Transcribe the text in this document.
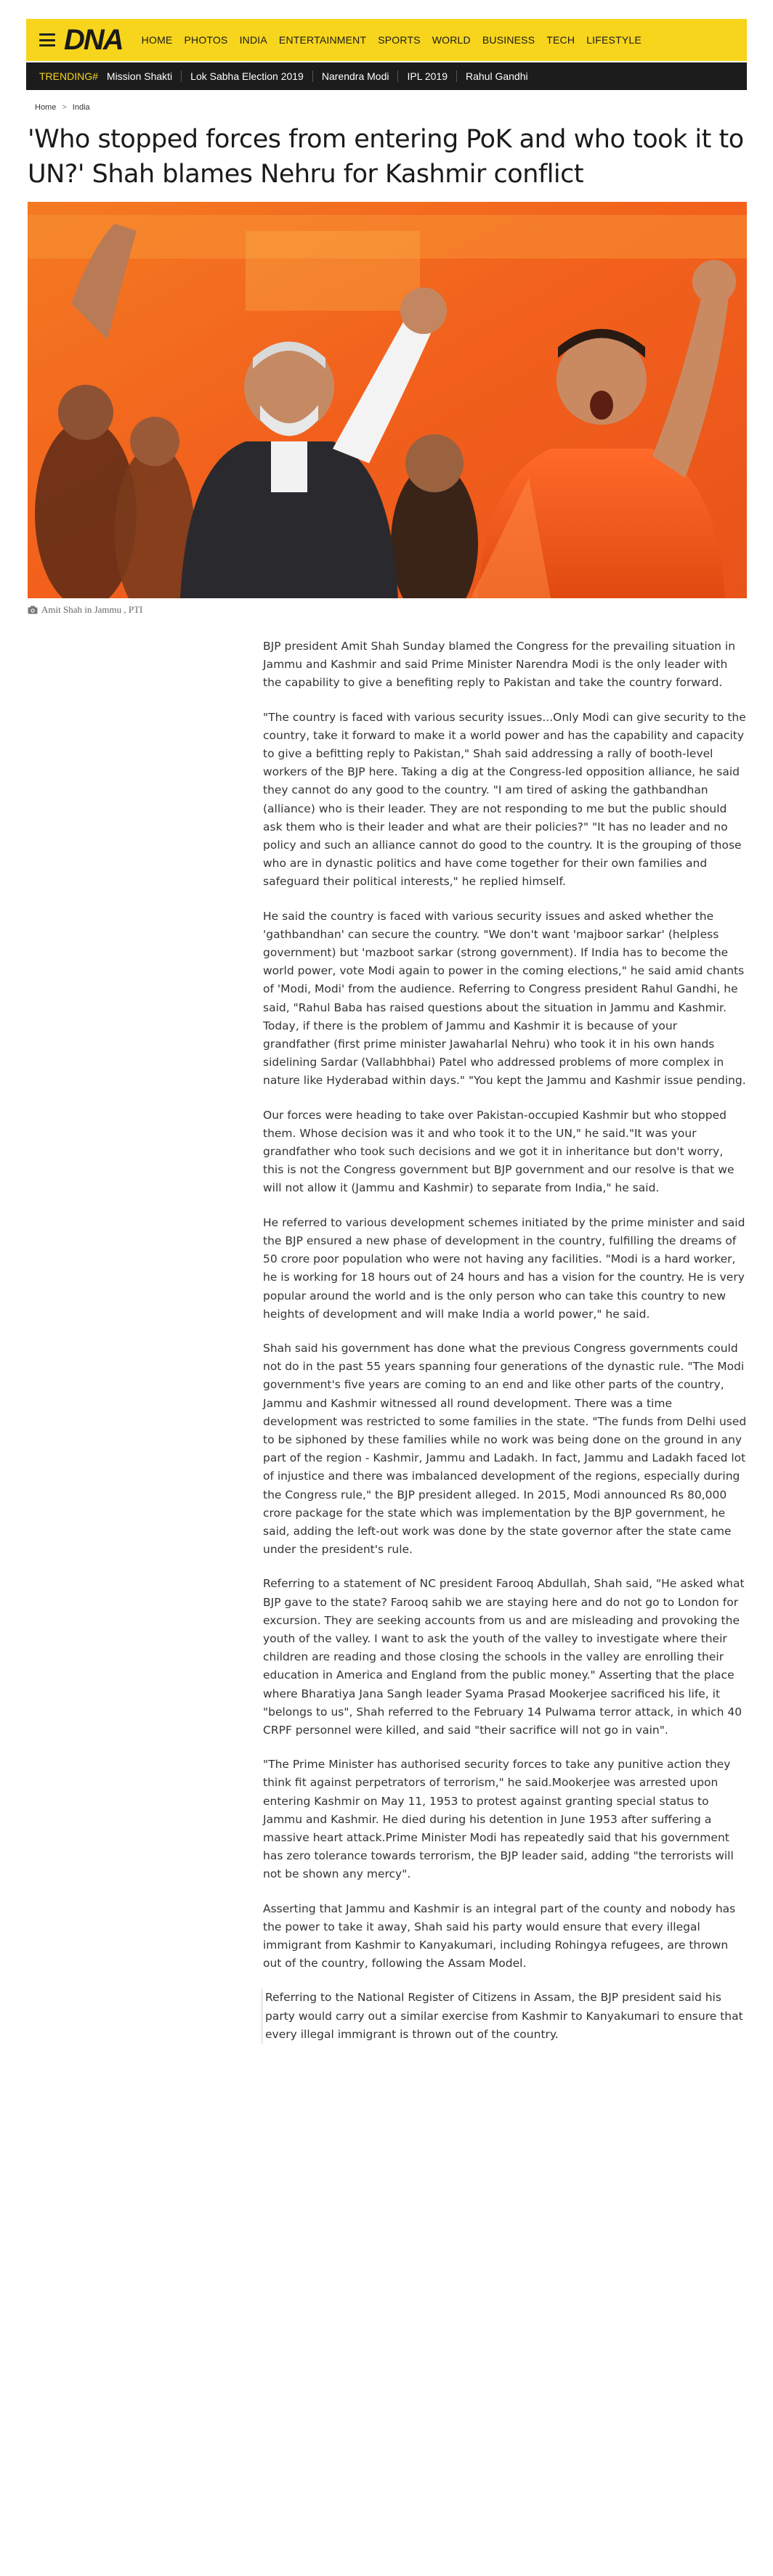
DNA HOME PHOTOS INDIA ENTERTAINMENT SPORTS WORLD BUSINESS TECH LIFESTYLE
TRENDING# Mission Shakti	Lok Sabha Election 2019	Narendra Modi	IPL 2019	Rahul Gandhi
Home > India
'Who stopped forces from entering PoK and who took it to UN?' Shah blames Nehru for Kashmir conflict
Amit Shah in Jammu , PTI

BJP president Amit Shah Sunday blamed the Congress for the prevailing situation in Jammu and Kashmir and said Prime Minister Narendra Modi is the only leader with the capability to give a benefiting reply to Pakistan and take the country forward.

"The country is faced with various security issues...Only Modi can give security to the country, take it forward to make it a world power and has the capability and capacity to give a befitting reply to Pakistan," Shah said addressing a rally of booth-level workers of the BJP here. Taking a dig at the Congress-led opposition alliance, he said they cannot do any good to the country. "I am tired of asking the gathbandhan (alliance) who is their leader. They are not responding to me but the public should ask them who is their leader and what are their policies?" "It has no leader and no policy and such an alliance cannot do good to the country. It is the grouping of those who are in dynastic politics and have come together for their own families and safeguard their political interests," he replied himself.

He said the country is faced with various security issues and asked whether the 'gathbandhan' can secure the country. "We don't want 'majboor sarkar' (helpless government) but 'mazboot sarkar (strong government). If India has to become the world power, vote Modi again to power in the coming elections," he said amid chants of 'Modi, Modi' from the audience. Referring to Congress president Rahul Gandhi, he said, "Rahul Baba has raised questions about the situation in Jammu and Kashmir. Today, if there is the problem of Jammu and Kashmir it is because of your grandfather (first prime minister Jawaharlal Nehru) who took it in his own hands sidelining Sardar (Vallabhbhai) Patel who addressed problems of more complex in nature like Hyderabad within days." "You kept the Jammu and Kashmir issue pending.

Our forces were heading to take over Pakistan-occupied Kashmir but who stopped them. Whose decision was it and who took it to the UN," he said."It was your grandfather who took such decisions and we got it in inheritance but don't worry, this is not the Congress government but BJP government and our resolve is that we will not allow it (Jammu and Kashmir) to separate from India," he said.

He referred to various development schemes initiated by the prime minister and said the BJP ensured a new phase of development in the country, fulfilling the dreams of 50 crore poor population who were not having any facilities. "Modi is a hard worker, he is working for 18 hours out of 24 hours and has a vision for the country. He is very popular around the world and is the only person who can take this country to new heights of development and will make India a world power," he said.

Shah said his government has done what the previous Congress governments could not do in the past 55 years spanning four generations of the dynastic rule. "The Modi government's five years are coming to an end and like other parts of the country, Jammu and Kashmir witnessed all round development. There was a time development was restricted to some families in the state. "The funds from Delhi used to be siphoned by these families while no work was being done on the ground in any part of the region - Kashmir, Jammu and Ladakh. In fact, Jammu and Ladakh faced lot of injustice and there was imbalanced development of the regions, especially during the Congress rule," the BJP president alleged. In 2015, Modi announced Rs 80,000 crore package for the state which was implementation by the BJP government, he said, adding the left-out work was done by the state governor after the state came under the president's rule.

Referring to a statement of NC president Farooq Abdullah, Shah said, "He asked what BJP gave to the state? Farooq sahib we are staying here and do not go to London for excursion. They are seeking accounts from us and are misleading and provoking the youth of the valley. I want to ask the youth of the valley to investigate where their children are reading and those closing the schools in the valley are enrolling their education in America and England from the public money." Asserting that the place where Bharatiya Jana Sangh leader Syama Prasad Mookerjee sacrificed his life, it "belongs to us", Shah referred to the February 14 Pulwama terror attack, in which 40 CRPF personnel were killed, and said "their sacrifice will not go in vain".

"The Prime Minister has authorised security forces to take any punitive action they think fit against perpetrators of terrorism," he said.Mookerjee was arrested upon entering Kashmir on May 11, 1953 to protest against granting special status to Jammu and Kashmir. He died during his detention in June 1953 after suffering a massive heart attack.Prime Minister Modi has repeatedly said that his government has zero tolerance towards terrorism, the BJP leader said, adding "the terrorists will not be shown any mercy".

Asserting that Jammu and Kashmir is an integral part of the county and nobody has the power to take it away, Shah said his party would ensure that every illegal immigrant from Kashmir to Kanyakumari, including Rohingya refugees, are thrown out of the country, following the Assam Model.

Referring to the National Register of Citizens in Assam, the BJP president said his party would carry out a similar exercise from Kashmir to Kanyakumari to ensure that every illegal immigrant is thrown out of the country.
